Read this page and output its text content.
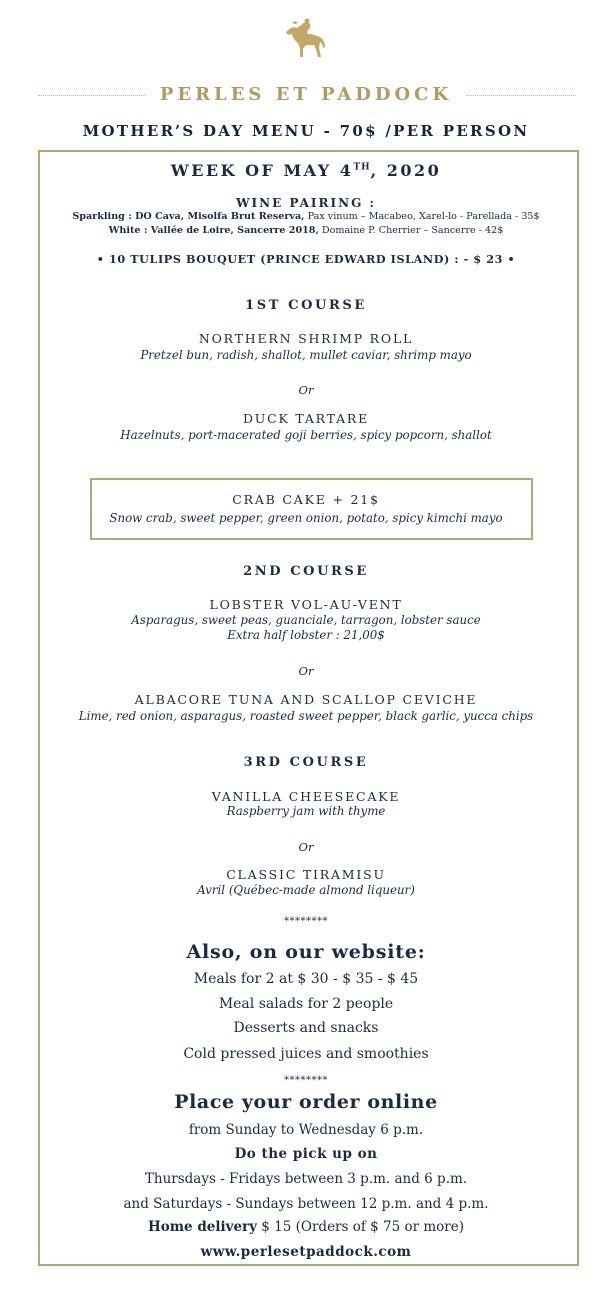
PERLES ET PADDOCK
MOTHER’S DAY MENU - 70$ /PER PERSON
WEEK OF MAY 4TH, 2020
WINE PAIRING :
Sparkling : DO Cava, Misolfa Brut Reserva, Pax vinum – Macabeo, Xarel-lo - Parellada - 35$
White : Vallée de Loire, Sancerre 2018, Domaine P. Cherrier – Sancerre - 42$
• 10 TULIPS BOUQUET (PRINCE EDWARD ISLAND) : - $ 23 •
1ST COURSE
NORTHERN SHRIMP ROLL
Pretzel bun, radish, shallot, mullet caviar, shrimp mayo
Or
DUCK TARTARE
Hazelnuts, port-macerated goji berries, spicy popcorn, shallot
CRAB CAKE + 21$
Snow crab, sweet pepper, green onion, potato, spicy kimchi mayo
2ND COURSE
LOBSTER VOL-AU-VENT
Asparagus, sweet peas, guanciale, tarragon, lobster sauce
Extra half lobster : 21,00$
Or
ALBACORE TUNA AND SCALLOP CEVICHE
Lime, red onion, asparagus, roasted sweet pepper, black garlic, yucca chips
3RD COURSE
VANILLA CHEESECAKE
Raspberry jam with thyme
Or
CLASSIC TIRAMISU
Avril (Québec-made almond liqueur)
********
Also, on our website:
Meals for 2 at $ 30 - $ 35 - $ 45
Meal salads for 2 people
Desserts and snacks
Cold pressed juices and smoothies
********
Place your order online
from Sunday to Wednesday 6 p.m.
Do the pick up on
Thursdays - Fridays between 3 p.m. and 6 p.m.
and Saturdays - Sundays between 12 p.m. and 4 p.m.
Home delivery $ 15 (Orders of $ 75 or more)
www.perlesetpaddock.com
